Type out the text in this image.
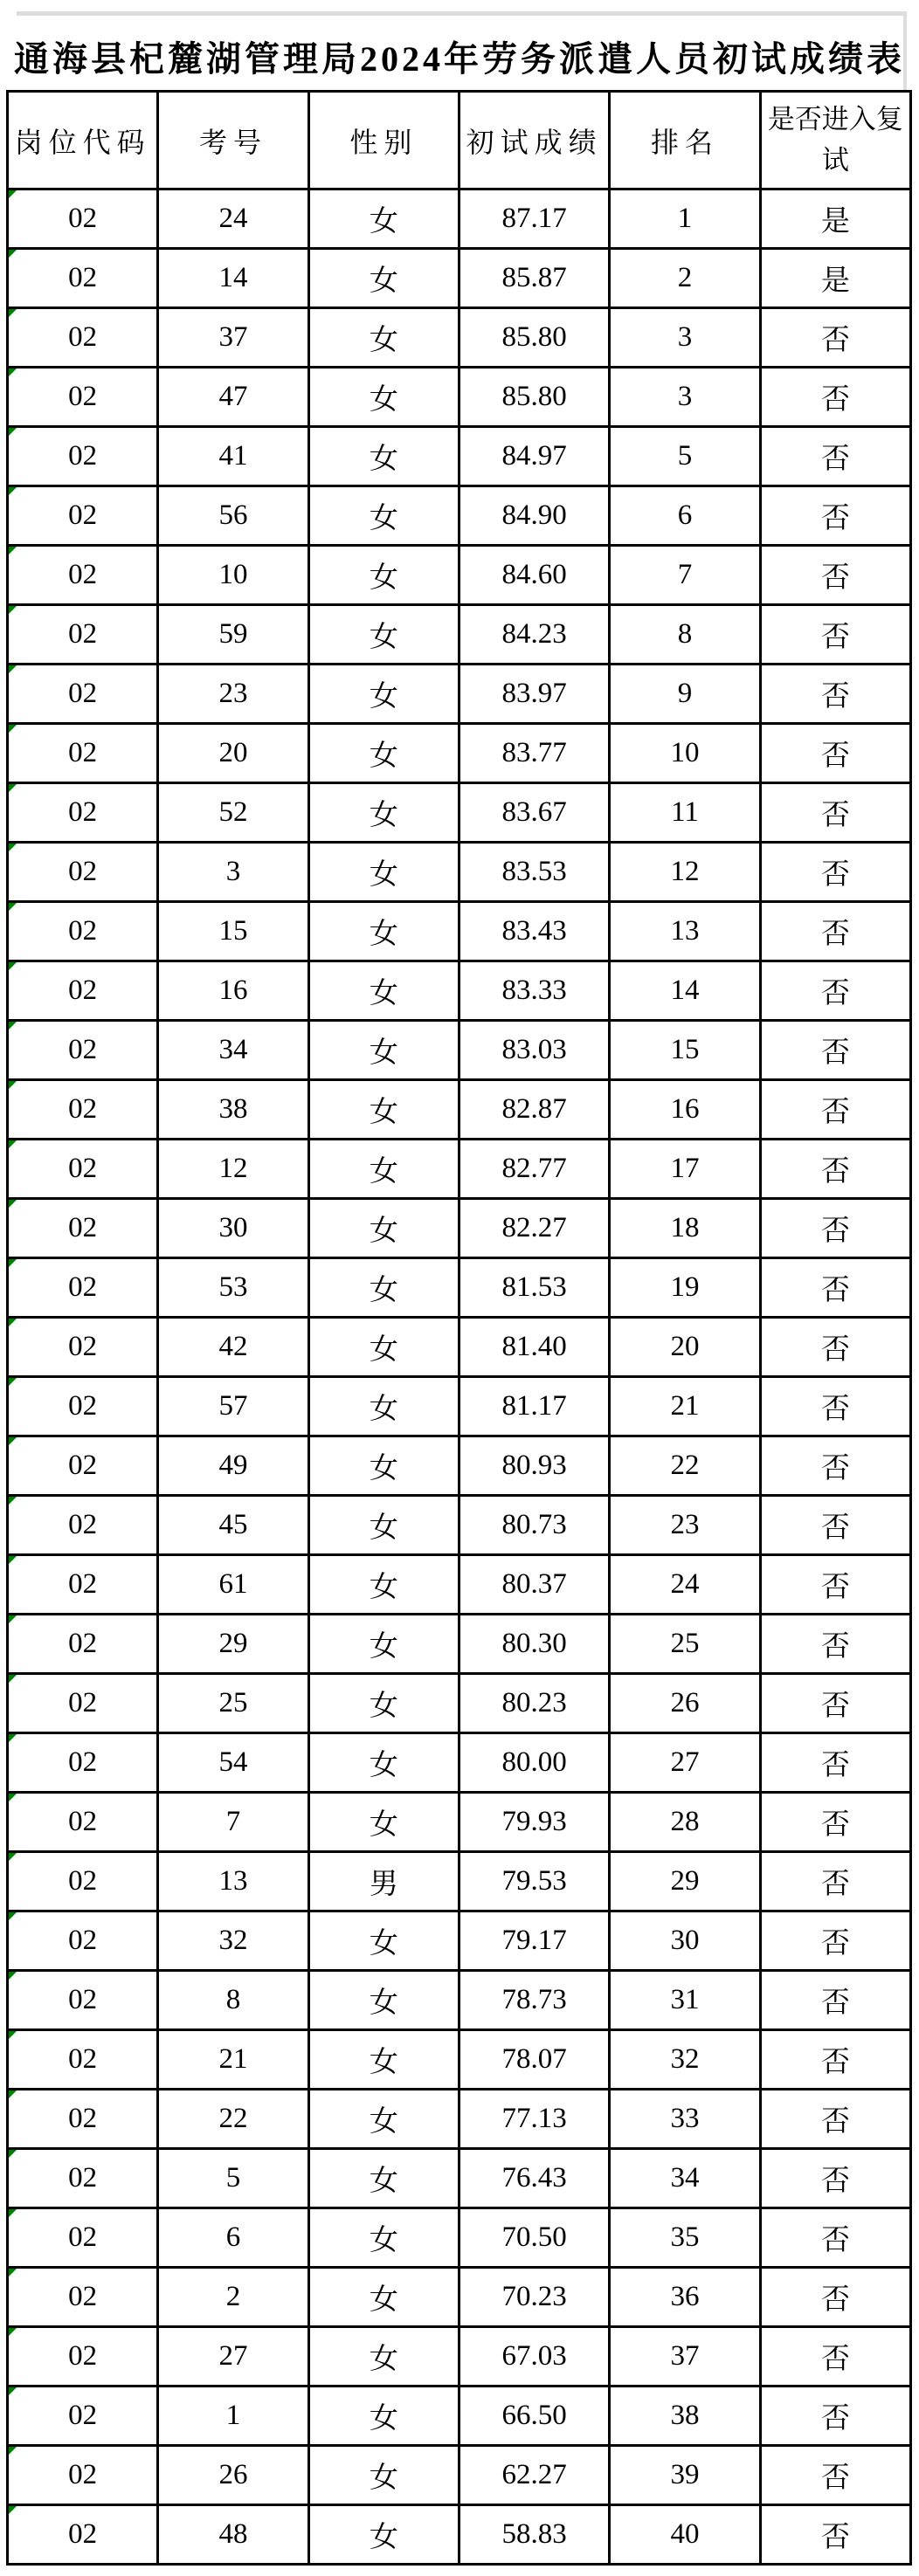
通海县杞麓湖管理局2024年劳务派遣人员初试成绩表
岗位代码	考号	性别	初试成绩	排名	是否进入复试

02	24	女	87.17	1	是

02	14	女	85.87	2	是

02	37	女	85.80	3	否

02	47	女	85.80	3	否

02	41	女	84.97	5	否

02	56	女	84.90	6	否

02	10	女	84.60	7	否

02	59	女	84.23	8	否

02	23	女	83.97	9	否

02	20	女	83.77	10	否

02	52	女	83.67	11	否

02	3	女	83.53	12	否

02	15	女	83.43	13	否

02	16	女	83.33	14	否

02	34	女	83.03	15	否

02	38	女	82.87	16	否

02	12	女	82.77	17	否

02	30	女	82.27	18	否

02	53	女	81.53	19	否

02	42	女	81.40	20	否

02	57	女	81.17	21	否

02	49	女	80.93	22	否

02	45	女	80.73	23	否

02	61	女	80.37	24	否

02	29	女	80.30	25	否

02	25	女	80.23	26	否

02	54	女	80.00	27	否

02	7	女	79.93	28	否

02	13	男	79.53	29	否

02	32	女	79.17	30	否

02	8	女	78.73	31	否

02	21	女	78.07	32	否

02	22	女	77.13	33	否

02	5	女	76.43	34	否

02	6	女	70.50	35	否

02	2	女	70.23	36	否

02	27	女	67.03	37	否

02	1	女	66.50	38	否

02	26	女	62.27	39	否

02	48	女	58.83	40	否
